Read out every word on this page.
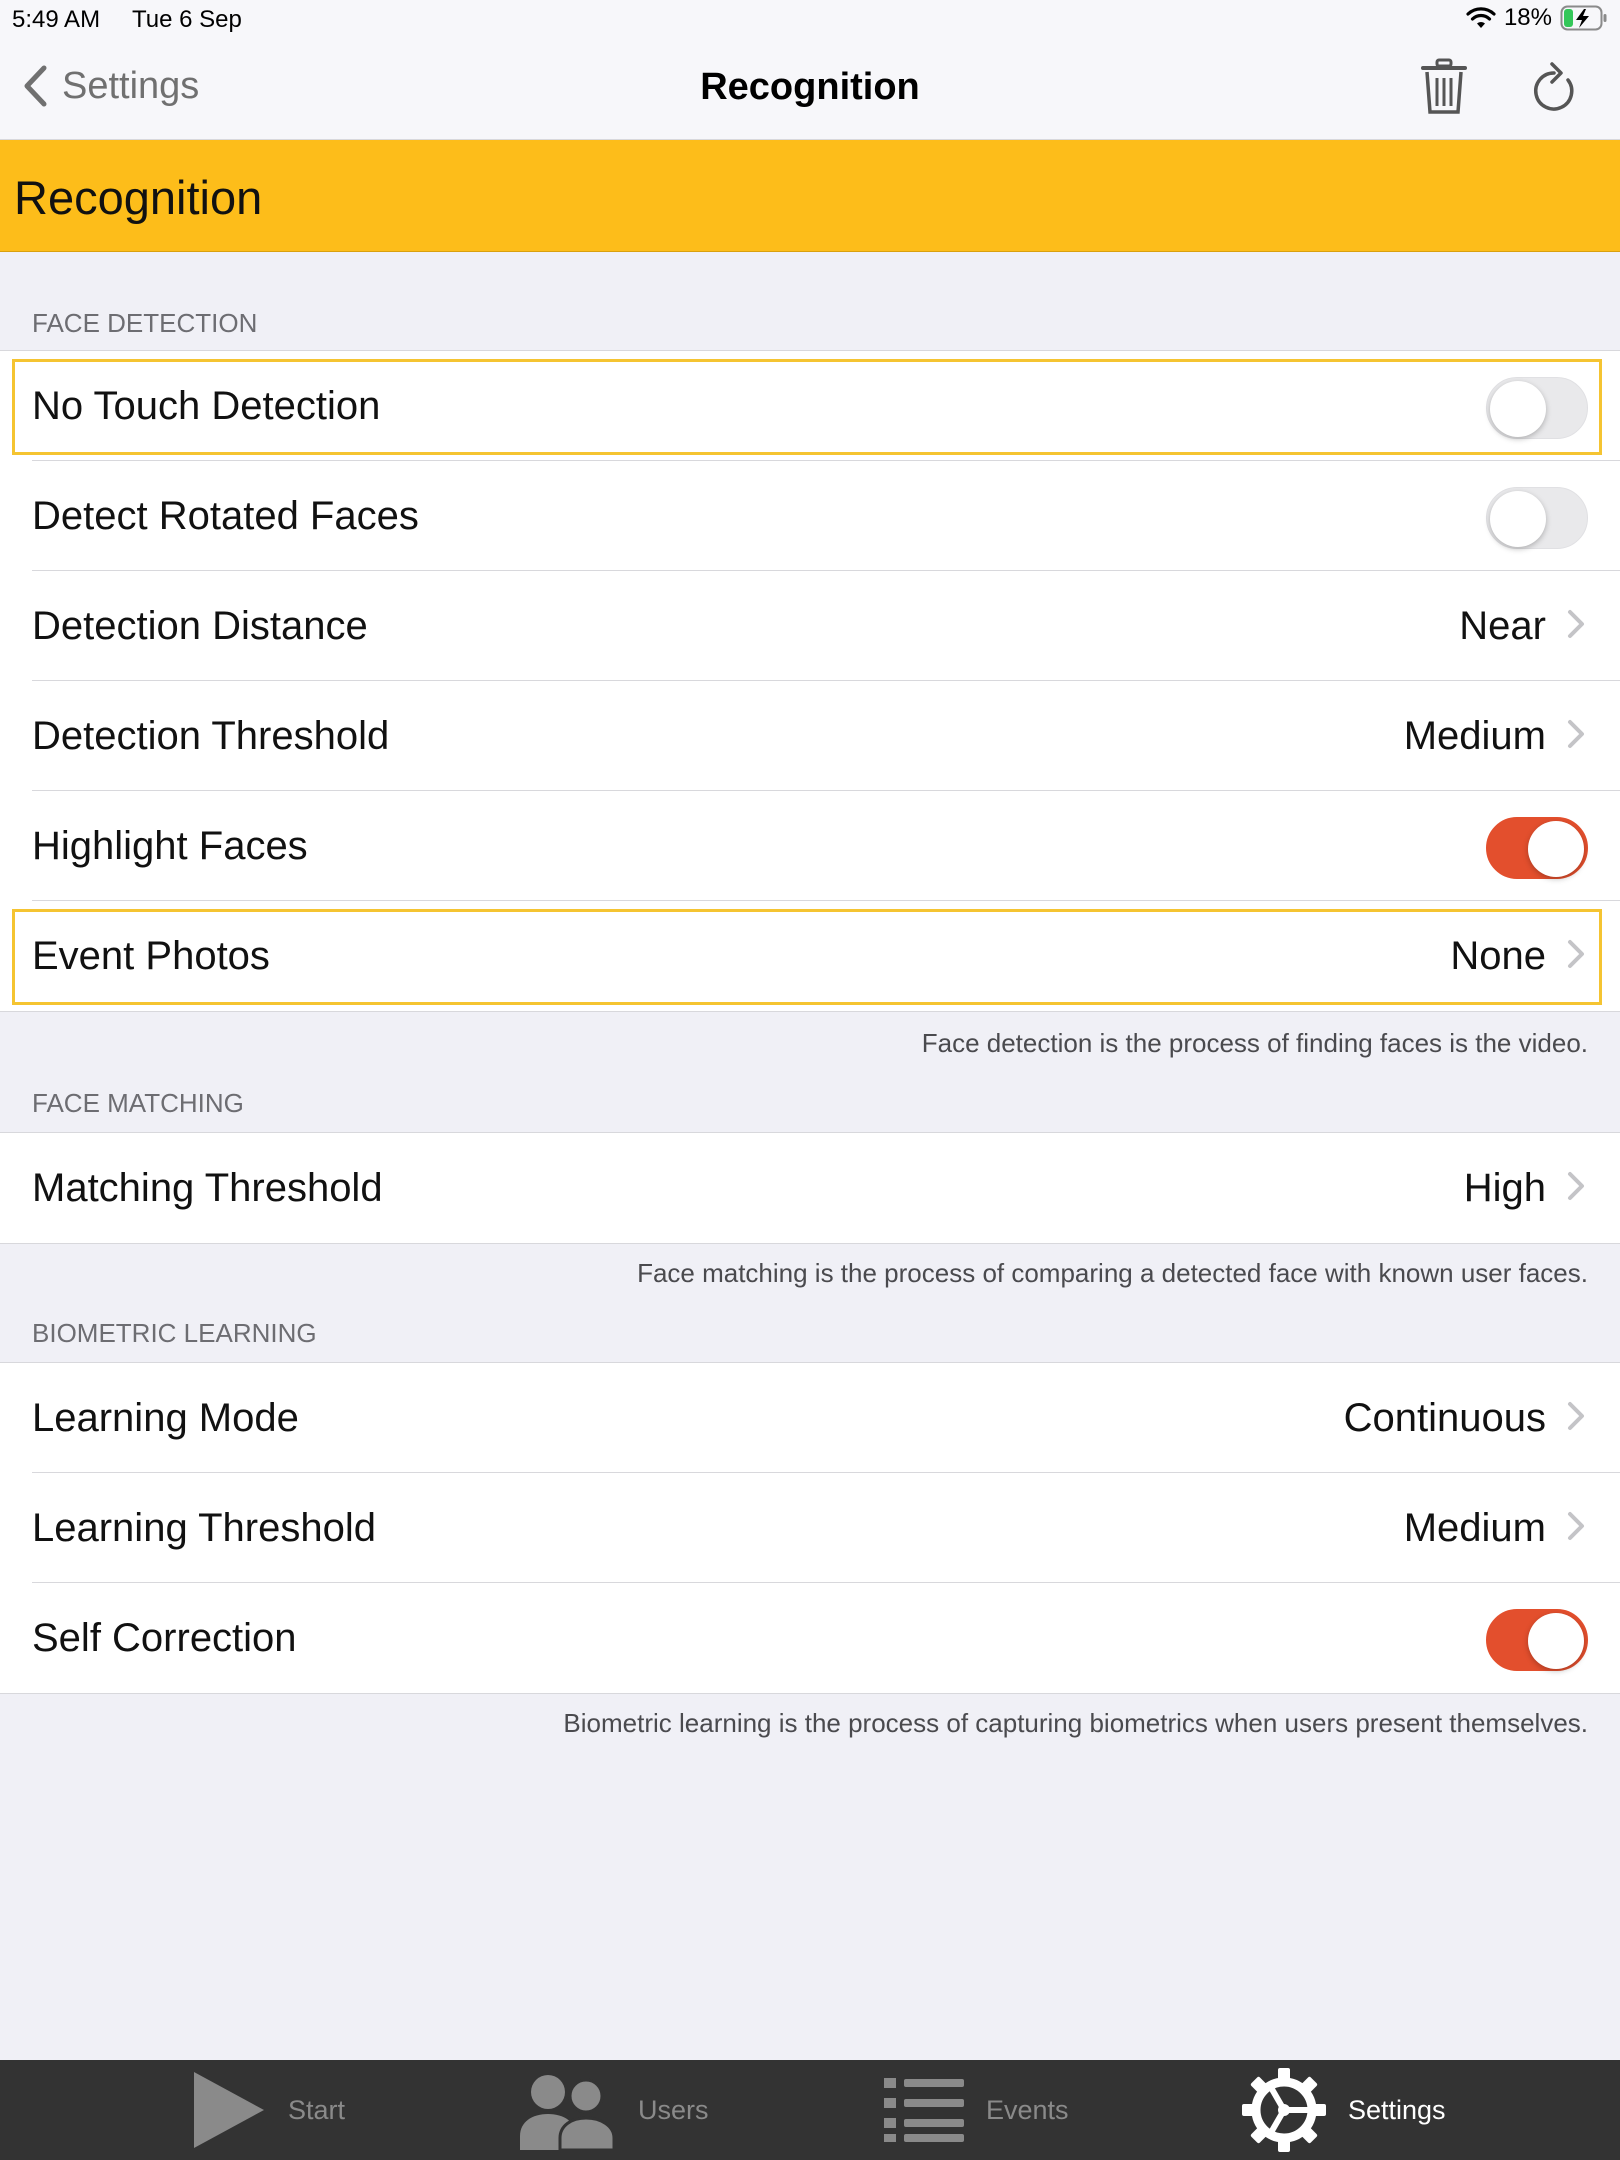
5:49 AM Tue 6 Sep	18%
Settings	Recognition
Recognition
FACE DETECTION
No Touch Detection
Detect Rotated Faces
Detection Distance	Near
Detection Threshold	Medium
Highlight Faces
Event Photos	None
Face detection is the process of finding faces is the video.
FACE MATCHING
Matching Threshold	High
Face matching is the process of comparing a detected face with known user faces.
BIOMETRIC LEARNING
Learning Mode	Continuous
Learning Threshold	Medium
Self Correction
Biometric learning is the process of capturing biometrics when users present themselves.
Start	Users	Events	Settings
